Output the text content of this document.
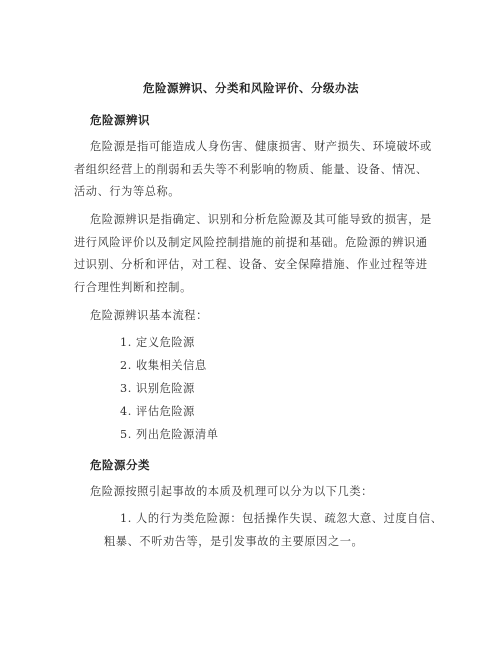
危险源辨识、分类和风险评价、分级办法
危险源辨识
危险源是指可能造成人身伤害、健康损害、财产损失、环境破坏或
者组织经营上的削弱和丢失等不利影响的物质、能量、设备、情况、
活动、行为等总称。
危险源辨识是指确定、识别和分析危险源及其可能导致的损害，是
进行风险评价以及制定风险控制措施的前提和基础。危险源的辨识通
过识别、分析和评估，对工程、设备、安全保障措施、作业过程等进
行合理性判断和控制。
危险源辨识基本流程：
1. 定义危险源
2. 收集相关信息
3. 识别危险源
4. 评估危险源
5. 列出危险源清单
危险源分类
危险源按照引起事故的本质及机理可以分为以下几类：
1. 人的行为类危险源：包括操作失误、疏忽大意、过度自信、
粗暴、不听劝告等，是引发事故的主要原因之一。
